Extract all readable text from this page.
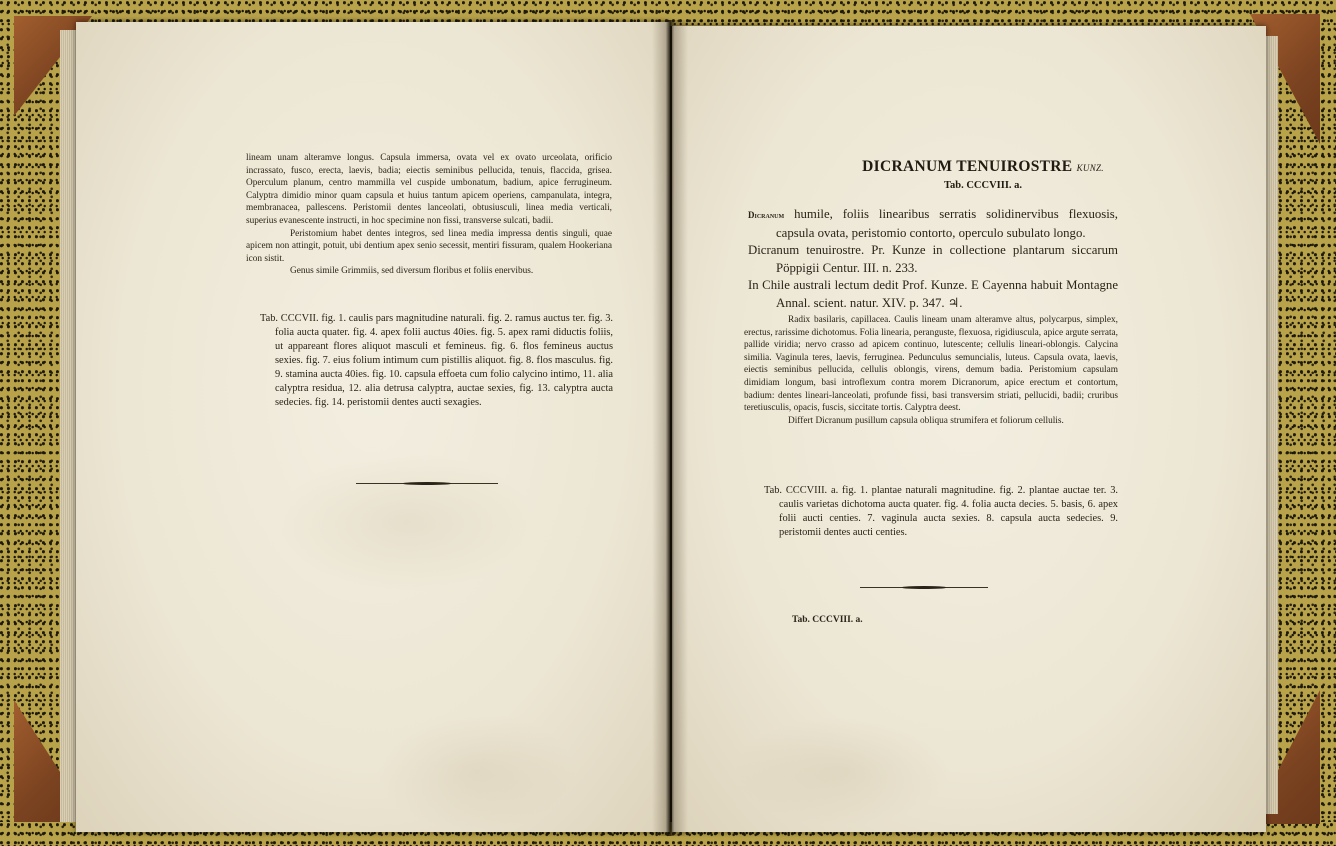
lineam unam alteramve longus. Capsula immersa, ovata vel ex ovato urceolata, orificio incrassato, fusco, erecta, laevis, badia; eiectis seminibus pellucida, tenuis, flaccida, grisea. Operculum planum, centro mammilla vel cuspide umbonatum, badium, apice ferrugineum. Calyptra dimidio minor quam capsula et huius tantum apicem operiens, campanulata, integra, membranacea, pallescens. Peristomii dentes lanceolati, obtusiusculi, linea media verticali, superius evanescente instructi, in hoc specimine non fissi, transverse sulcati, badii.

Peristomium habet dentes integros, sed linea media impressa dentis singuli, quae apicem non attingit, potuit, ubi dentium apex senio secessit, mentiri fissuram, qualem Hookeriana icon sistit.

Genus simile Grimmiis, sed diversum floribus et foliis enervibus.

Tab. CCCVII. fig. 1. caulis pars magnitudine naturali. fig. 2. ramus auctus ter. fig. 3. folia aucta quater. fig. 4. apex folii auctus 40ies. fig. 5. apex rami diductis foliis, ut appareant flores aliquot masculi et femineus. fig. 6. flos femineus auctus sexies. fig. 7. eius folium intimum cum pistillis aliquot. fig. 8. flos masculus. fig. 9. stamina aucta 40ies. fig. 10. capsula effoeta cum folio calycino intimo, 11. alia calyptra residua, 12. alia detrusa calyptra, auctae sexies, fig. 13. calyptra aucta sedecies. fig. 14. peristomii dentes aucti sexagies.

DICRANUM TENUIROSTRE KUNZ.
Tab. CCCVIII. a.

Dicranum humile, foliis linearibus serratis solidinervibus flexuosis, capsula ovata, peristomio contorto, operculo subulato longo.

Dicranum tenuirostre. Pr. Kunze in collectione plantarum siccarum Pöppigii Centur. III. n. 233.

In Chile australi lectum dedit Prof. Kunze. E Cayenna habuit Montagne Annal. scient. natur. XIV. p. 347. ♃.

Radix basilaris, capillacea. Caulis lineam unam alteramve altus, polycarpus, simplex, erectus, rarissime dichotomus. Folia linearia, peranguste, flexuosa, rigidiuscula, apice argute serrata, pallide viridia; nervo crasso ad apicem continuo, lutescente; cellulis lineari-oblongis. Calycina similia. Vaginula teres, laevis, ferruginea. Pedunculus semuncialis, luteus. Capsula ovata, laevis, eiectis seminibus pellucida, cellulis oblongis, virens, demum badia. Peristomium capsulam dimidiam longum, basi introflexum contra morem Dicranorum, apice erectum et contortum, badium: dentes lineari-lanceolati, profunde fissi, basi transversim striati, pellucidi, badii; cruribus teretiusculis, opacis, fuscis, siccitate tortis. Calyptra deest.

Differt Dicranum pusillum capsula obliqua strumifera et foliorum cellulis.

Tab. CCCVIII. a. fig. 1. plantae naturali magnitudine. fig. 2. plantae auctae ter. 3. caulis varietas dichotoma aucta quater. fig. 4. folia aucta decies. 5. basis, 6. apex folii aucti centies. 7. vaginula aucta sexies. 8. capsula aucta sedecies. 9. peristomii dentes aucti centies.

Tab. CCCVIII. a.
